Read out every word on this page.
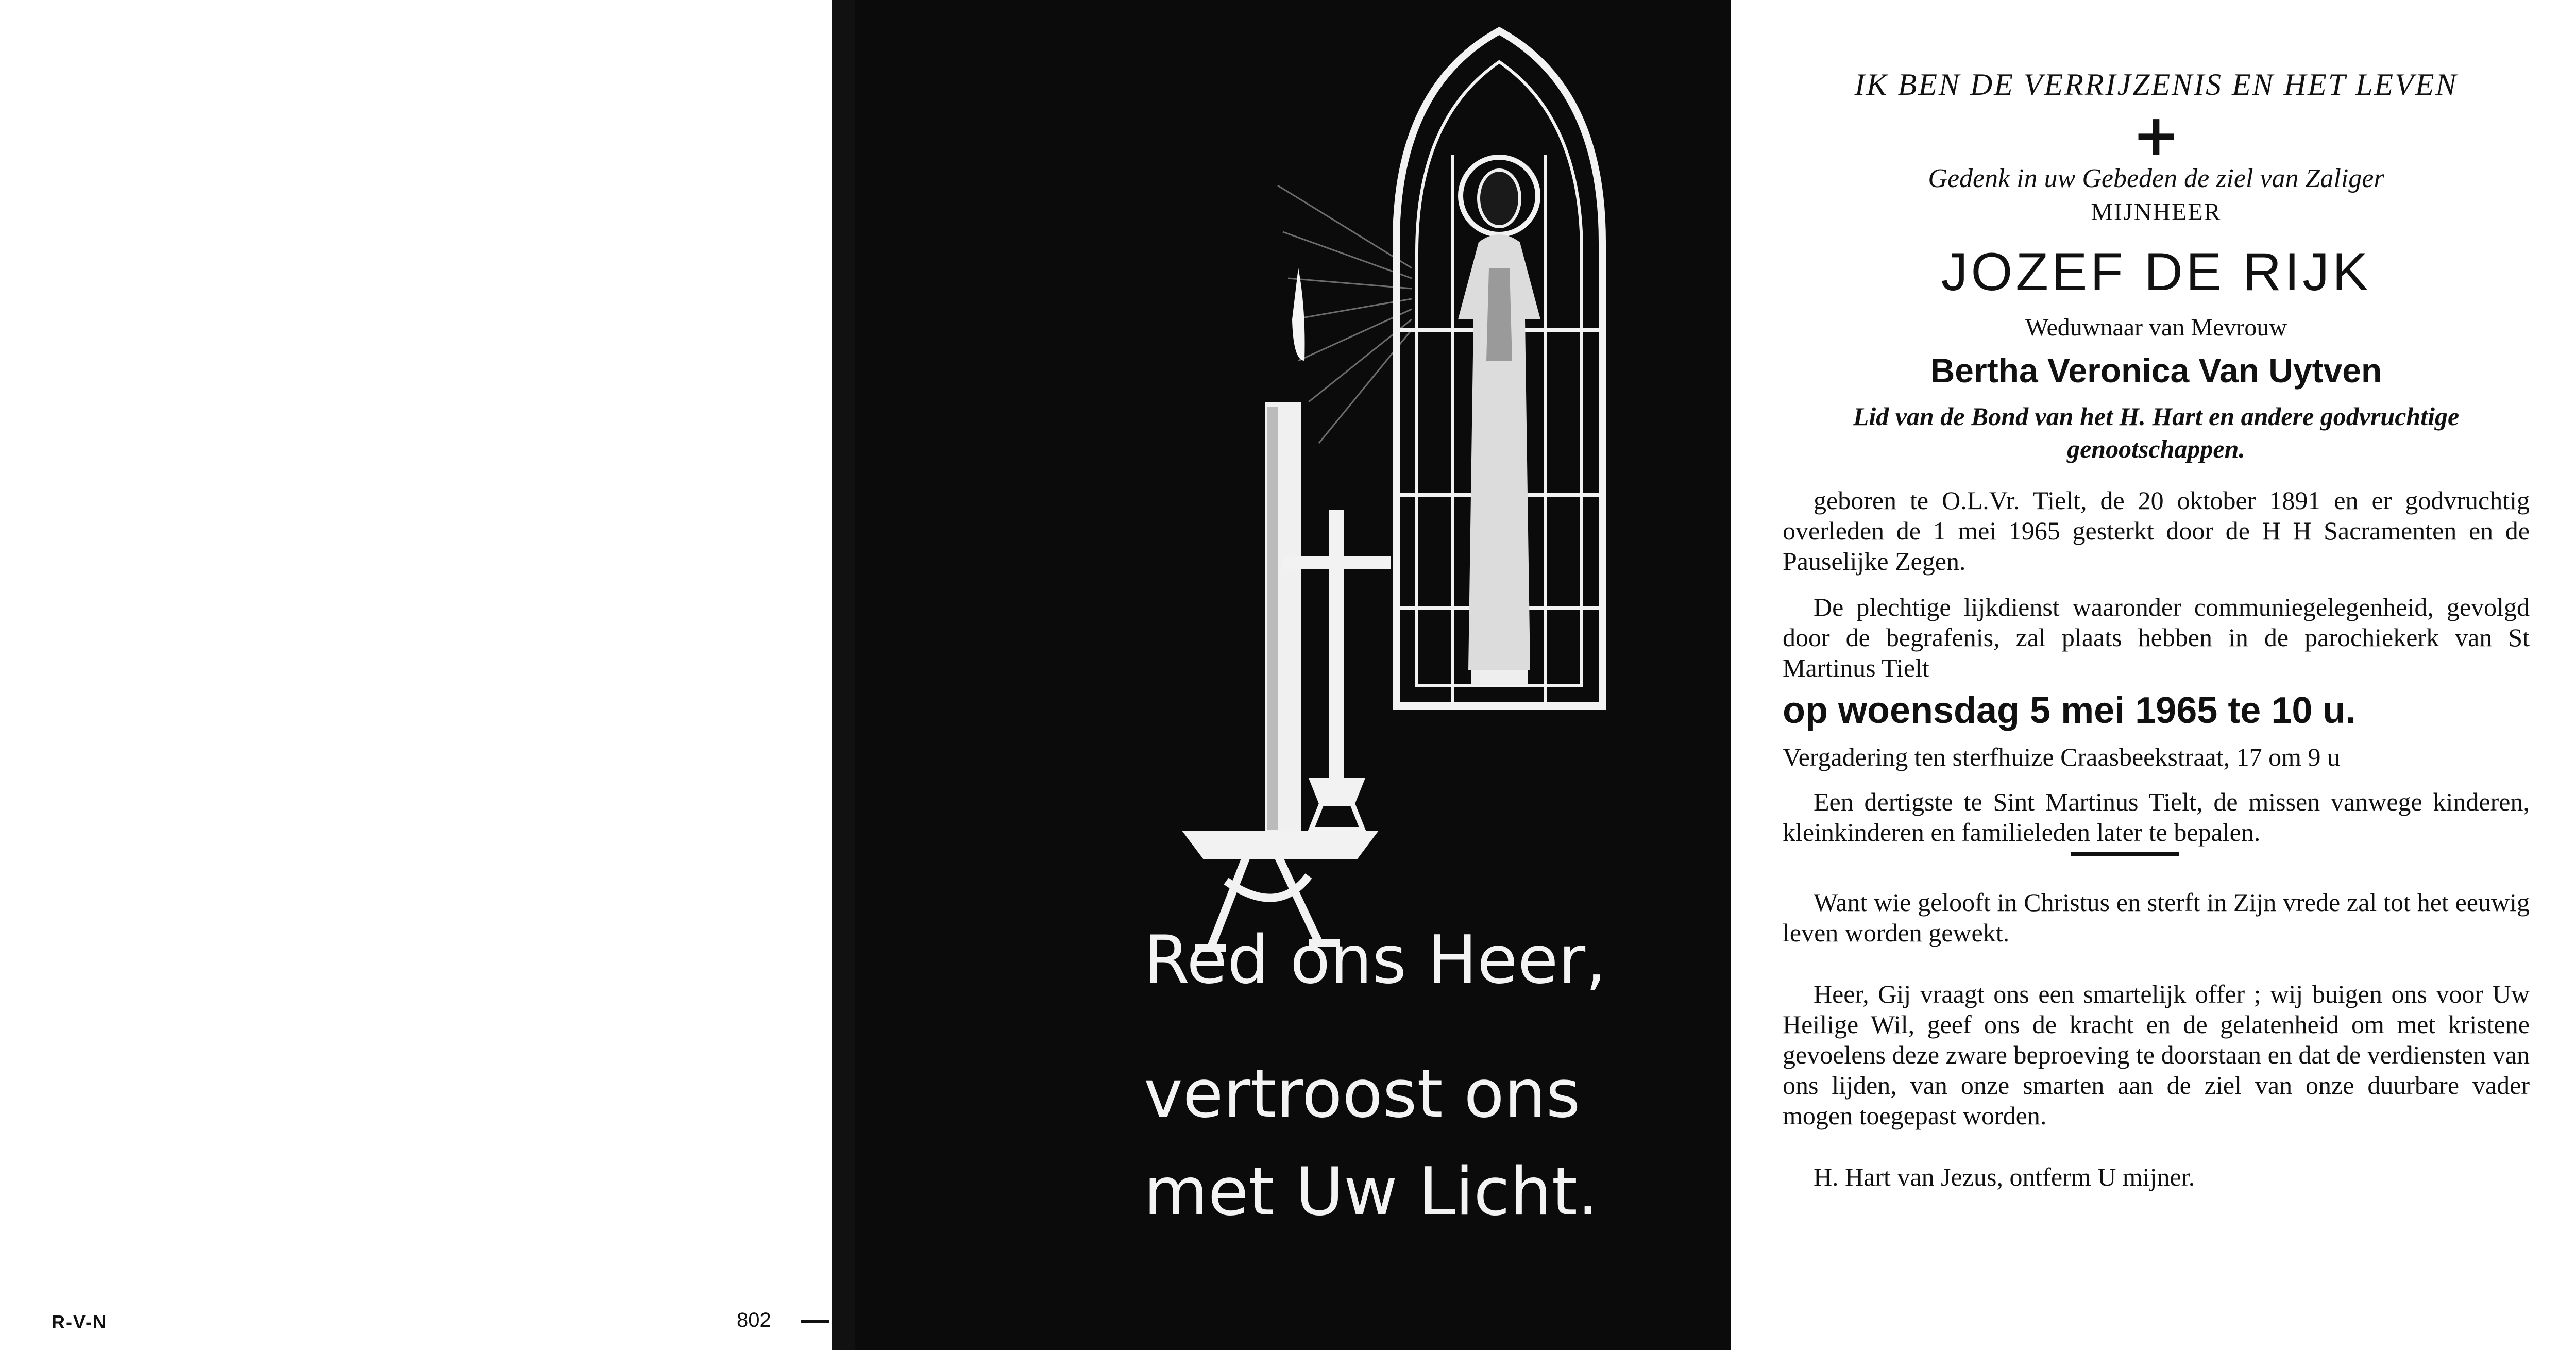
R-V-N	802
Red ons Heer,
vertroost ons
met Uw Licht.
IK BEN DE VERRIJZENIS EN HET LEVEN
+
Gedenk in uw Gebeden de ziel van Zaliger
MIJNHEER
JOZEF DE RIJK
Weduwnaar van Mevrouw
Bertha Veronica Van Uytven
Lid van de Bond van het H. Hart en andere godvruchtige genootschappen.
geboren te O.L.Vr. Tielt, de 20 oktober 1891 en er godvruchtig overleden de 1 mei 1965 gesterkt door de H H Sacramenten en de Pauselijke Zegen.
De plechtige lijkdienst waaronder communiegelegenheid, gevolgd door de begrafenis, zal plaats hebben in de parochiekerk van St Martinus Tielt
op woensdag 5 mei 1965 te 10 u.
Vergadering ten sterfhuize Craasbeekstraat, 17 om 9 u
Een dertigste te Sint Martinus Tielt, de missen vanwege kinderen, kleinkinderen en familieleden later te bepalen.
Want wie gelooft in Christus en sterft in Zijn vrede zal tot het eeuwig leven worden gewekt.
Heer, Gij vraagt ons een smartelijk offer ; wij buigen ons voor Uw Heilige Wil, geef ons de kracht en de gelatenheid om met kristene gevoelens deze zware beproeving te doorstaan en dat de verdiensten van ons lijden, van onze smarten aan de ziel van onze duurbare vader mogen toegepast worden.
H. Hart van Jezus, ontferm U mijner.
